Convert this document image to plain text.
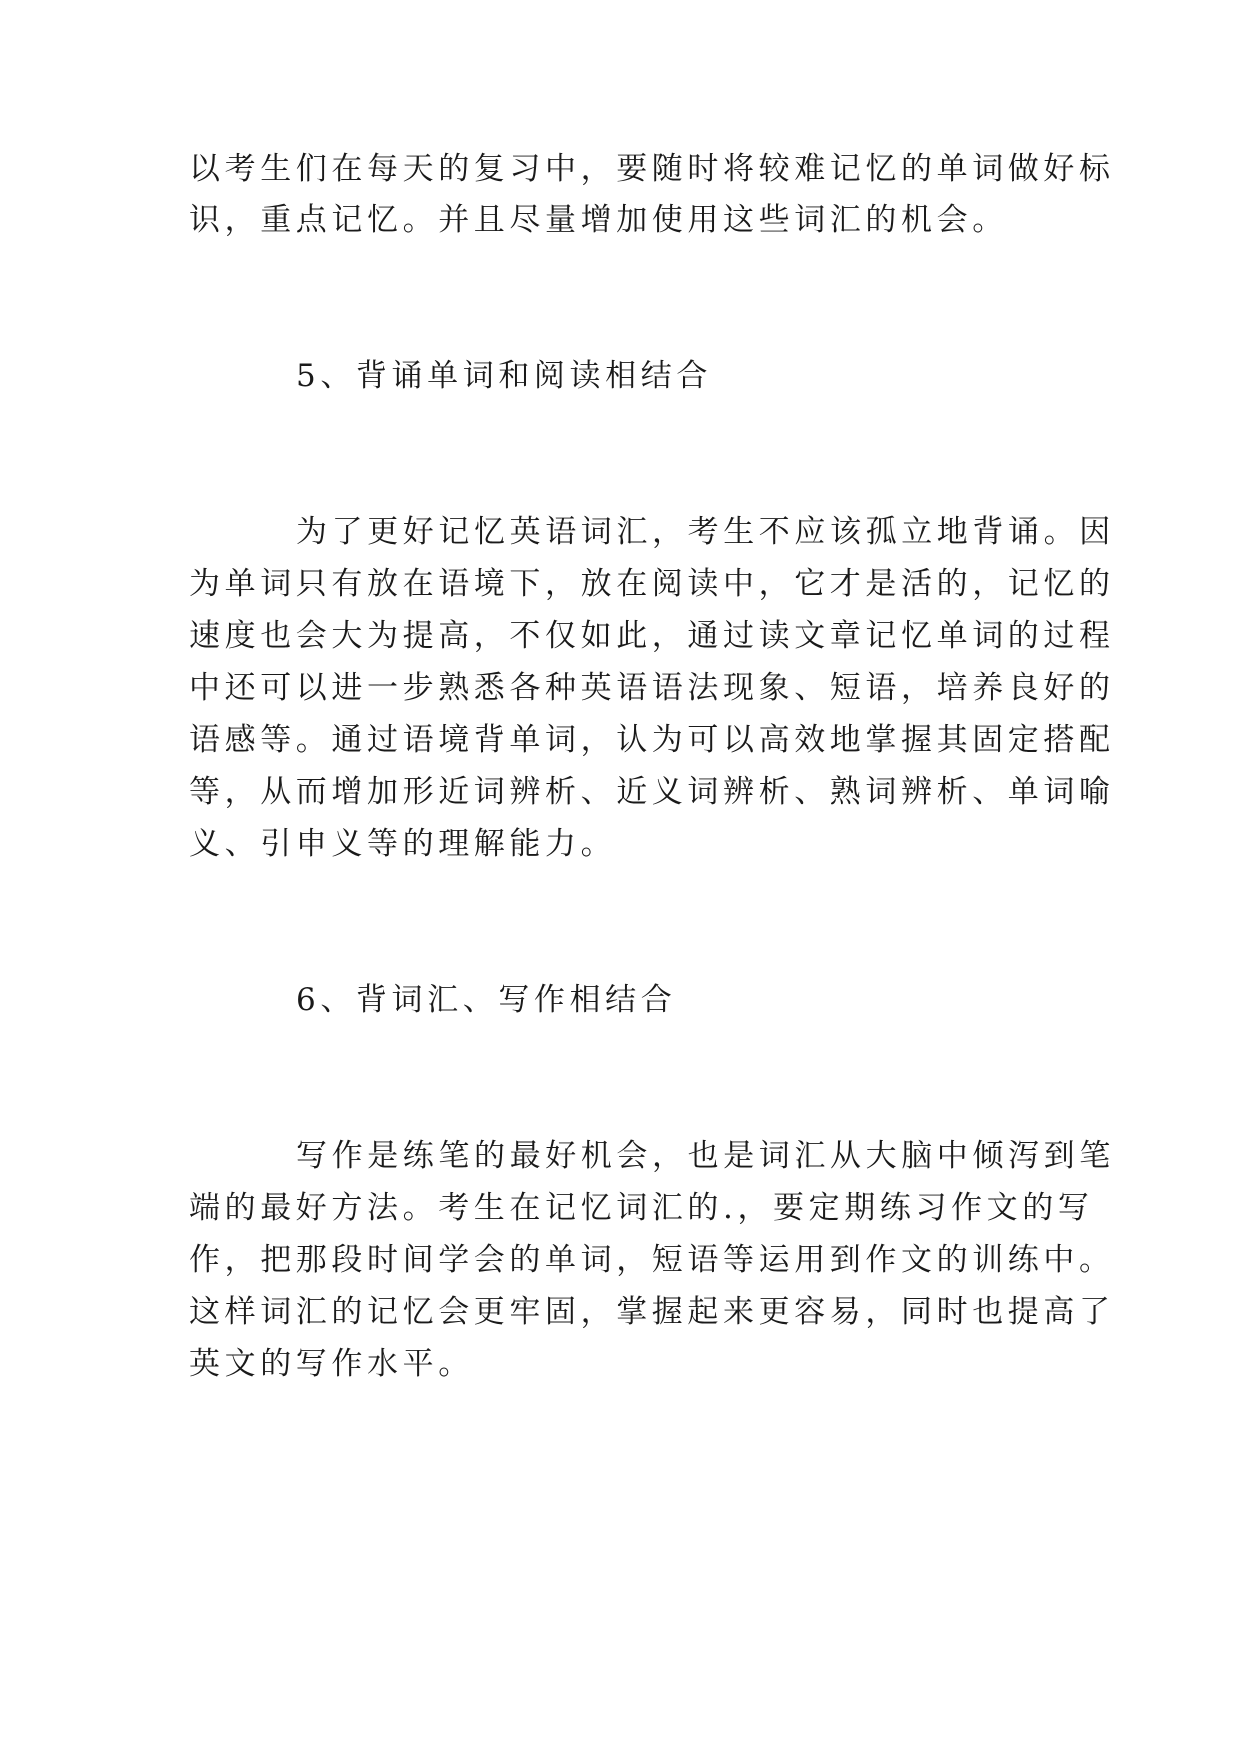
以考生们在每天的复习中，要随时将较难记忆的单词做好标

识，重点记忆。并且尽量增加使用这些词汇的机会。

5、背诵单词和阅读相结合

为了更好记忆英语词汇，考生不应该孤立地背诵。因

为单词只有放在语境下，放在阅读中，它才是活的，记忆的

速度也会大为提高，不仅如此，通过读文章记忆单词的过程

中还可以进一步熟悉各种英语语法现象、短语，培养良好的

语感等。通过语境背单词，认为可以高效地掌握其固定搭配

等，从而增加形近词辨析、近义词辨析、熟词辨析、单词喻

义、引申义等的理解能力。

6、背词汇、写作相结合

写作是练笔的最好机会，也是词汇从大脑中倾泻到笔

端的最好方法。考生在记忆词汇的.，要定期练习作文的写

作，把那段时间学会的单词，短语等运用到作文的训练中。

这样词汇的记忆会更牢固，掌握起来更容易，同时也提高了

英文的写作水平。
